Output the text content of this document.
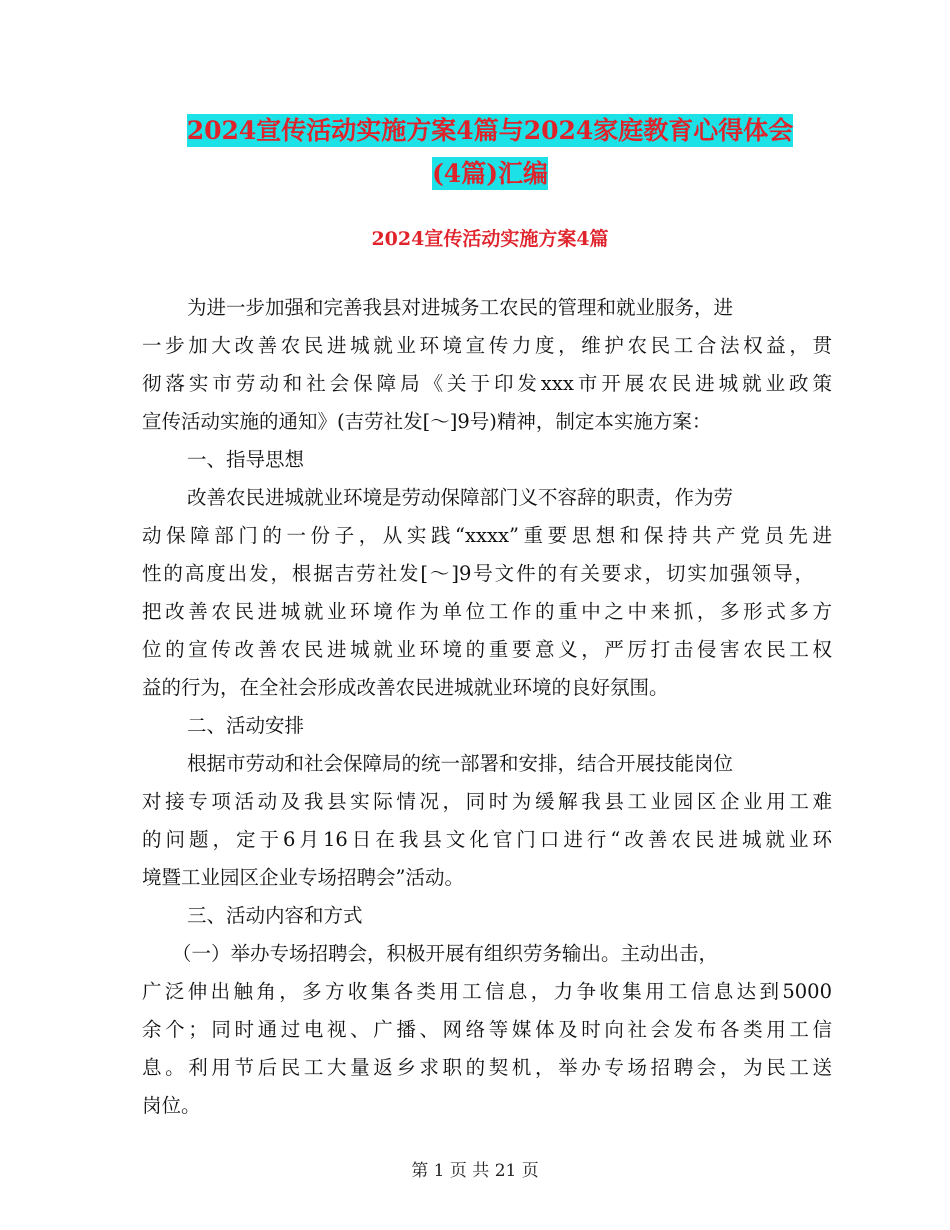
2024宣传活动实施方案4篇与2024家庭教育心得体会
(4篇)汇编
2024宣传活动实施方案4篇
为进一步加强和完善我县对进城务工农民的管理和就业服务，进
一步加大改善农民进城就业环境宣传力度，维护农民工合法权益，贯
彻落实市劳动和社会保障局《关于印发xxx市开展农民进城就业政策
宣传活动实施的通知》(吉劳社发[～]9号)精神，制定本实施方案：
一、指导思想
改善农民进城就业环境是劳动保障部门义不容辞的职责，作为劳
动保障部门的一份子，从实践“xxxx”重要思想和保持共产党员先进
性的高度出发，根据吉劳社发[～]9号文件的有关要求，切实加强领导，
把改善农民进城就业环境作为单位工作的重中之中来抓，多形式多方
位的宣传改善农民进城就业环境的重要意义，严厉打击侵害农民工权
益的行为，在全社会形成改善农民进城就业环境的良好氛围。
二、活动安排
根据市劳动和社会保障局的统一部署和安排，结合开展技能岗位
对接专项活动及我县实际情况，同时为缓解我县工业园区企业用工难
的问题，定于6月16日在我县文化官门口进行“改善农民进城就业环
境暨工业园区企业专场招聘会”活动。
三、活动内容和方式
（一）举办专场招聘会，积极开展有组织劳务输出。主动出击，
广泛伸出触角，多方收集各类用工信息，力争收集用工信息达到5000
余个；同时通过电视、广播、网络等媒体及时向社会发布各类用工信
息。利用节后民工大量返乡求职的契机，举办专场招聘会，为民工送
岗位。
第 1 页 共 21 页
